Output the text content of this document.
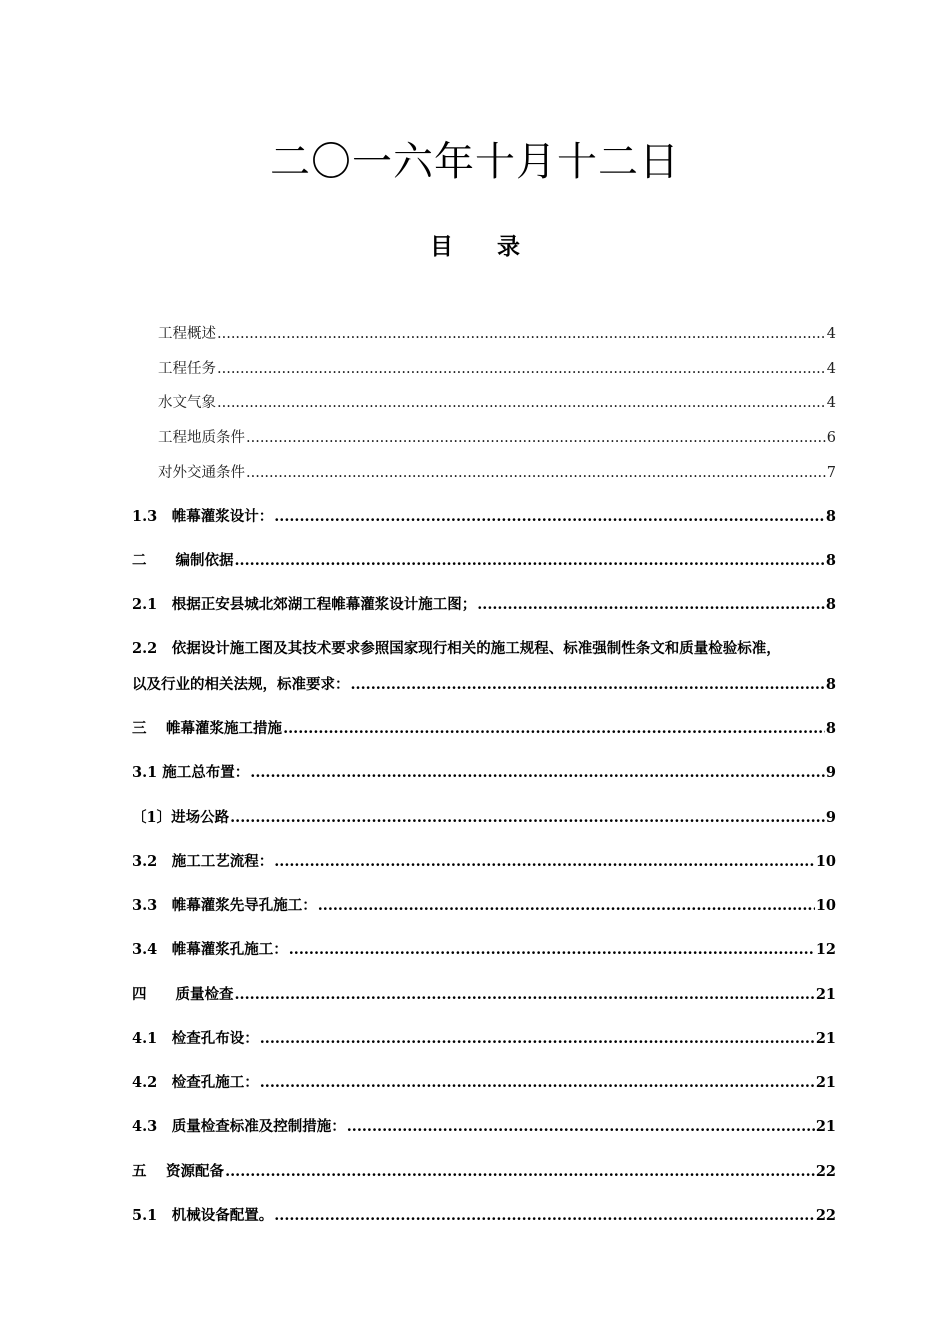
二〇一六年十月十二日
目 录
工程概述 .....	4
工程任务 .....	4
水文气象 .....	4
工程地质条件 .....	6
对外交通条件 .....	7
1.3　帷幕灌浆设计： .....	8
二　　编制依据 .....	8
2.1　根据正安县城北郊湖工程帷幕灌浆设计施工图； .....	8
2.2　依据设计施工图及其技术要求参照国家现行相关的施工规程、标准强制性条文和质量检验标准，
以及行业的相关法规，标准要求： .....	8
三　 帷幕灌浆施工措施 .....	8
3.1 施工总布置： .....	9
〔1〕进场公路 .....	9
3.2　施工工艺流程： .....	10
3.3　帷幕灌浆先导孔施工： .....	10
3.4　帷幕灌浆孔施工： .....	12
四　　质量检查 .....	21
4.1　检查孔布设： .....	21
4.2　检查孔施工： .....	21
4.3　质量检查标准及控制措施： .....	21
五　 资源配备 .....	22
5.1　机械设备配置。 .....	22
